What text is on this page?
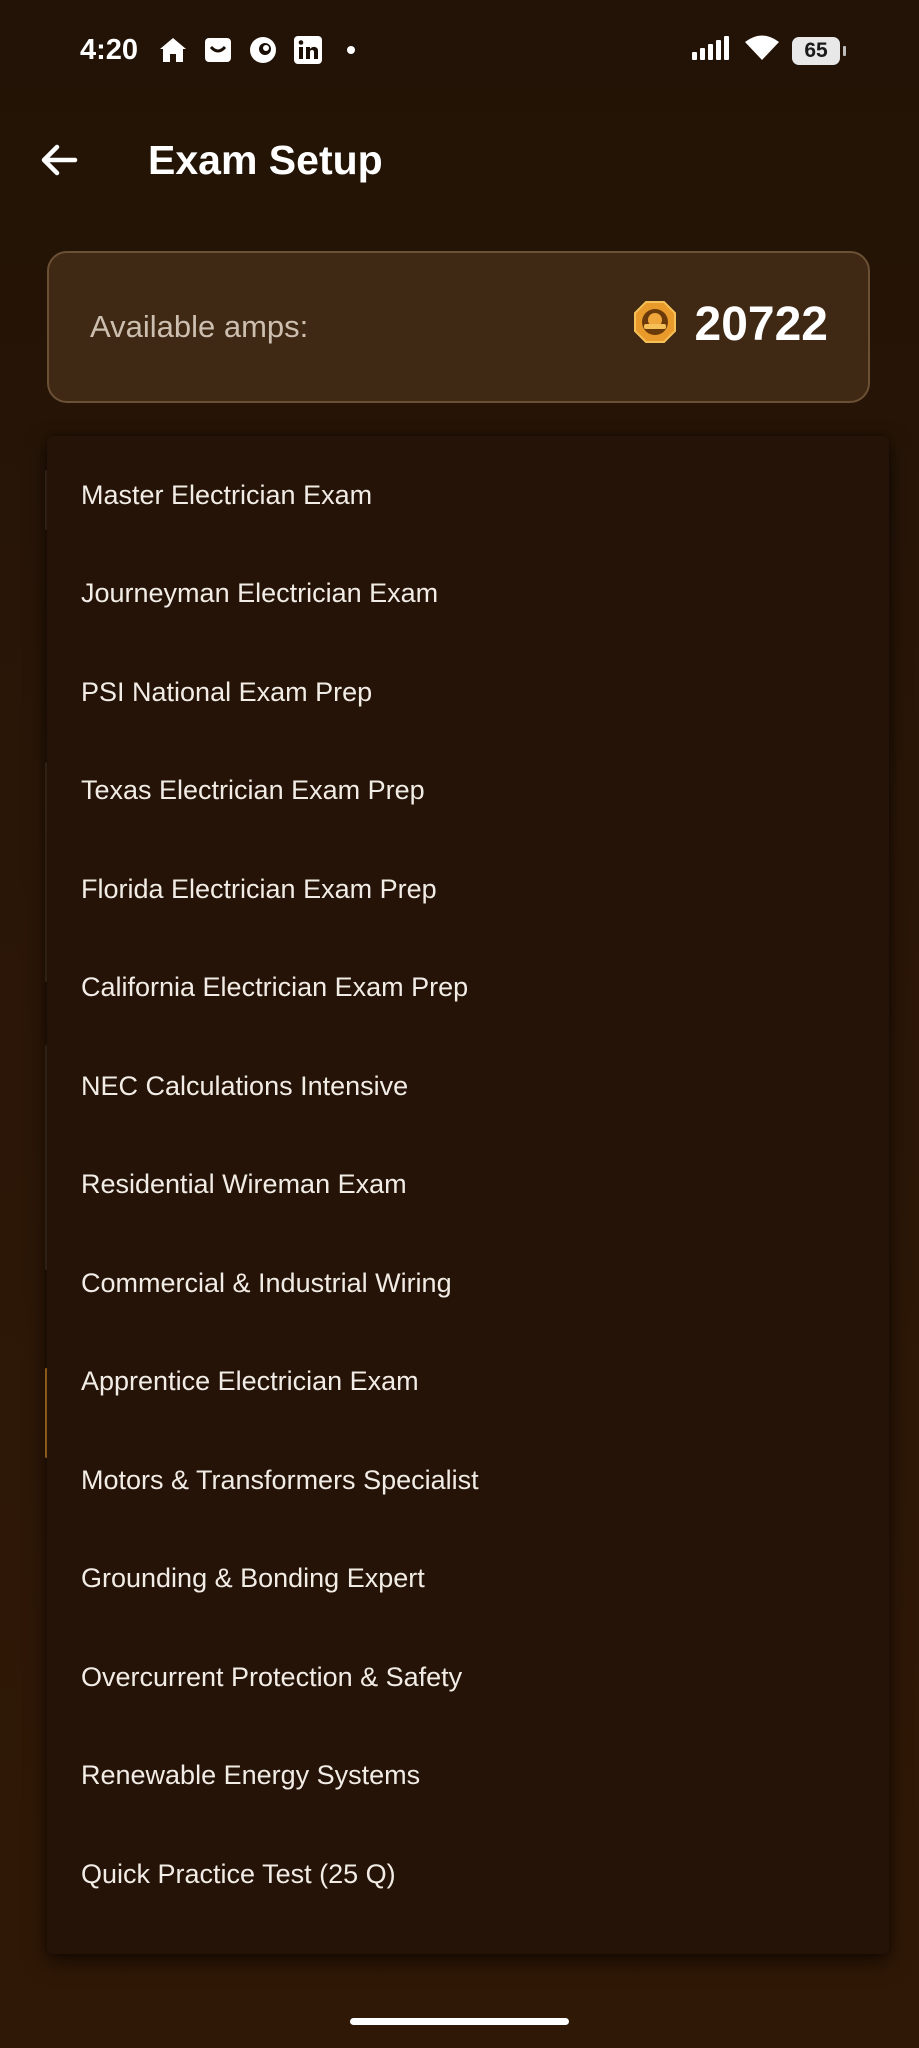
4:20	65
Exam Setup
Available amps:	20722
Master Electrician Exam
Journeyman Electrician Exam
PSI National Exam Prep
Texas Electrician Exam Prep
Florida Electrician Exam Prep
California Electrician Exam Prep
NEC Calculations Intensive
Residential Wireman Exam
Commercial & Industrial Wiring
Apprentice Electrician Exam
Motors & Transformers Specialist
Grounding & Bonding Expert
Overcurrent Protection & Safety
Renewable Energy Systems
Quick Practice Test (25 Q)
